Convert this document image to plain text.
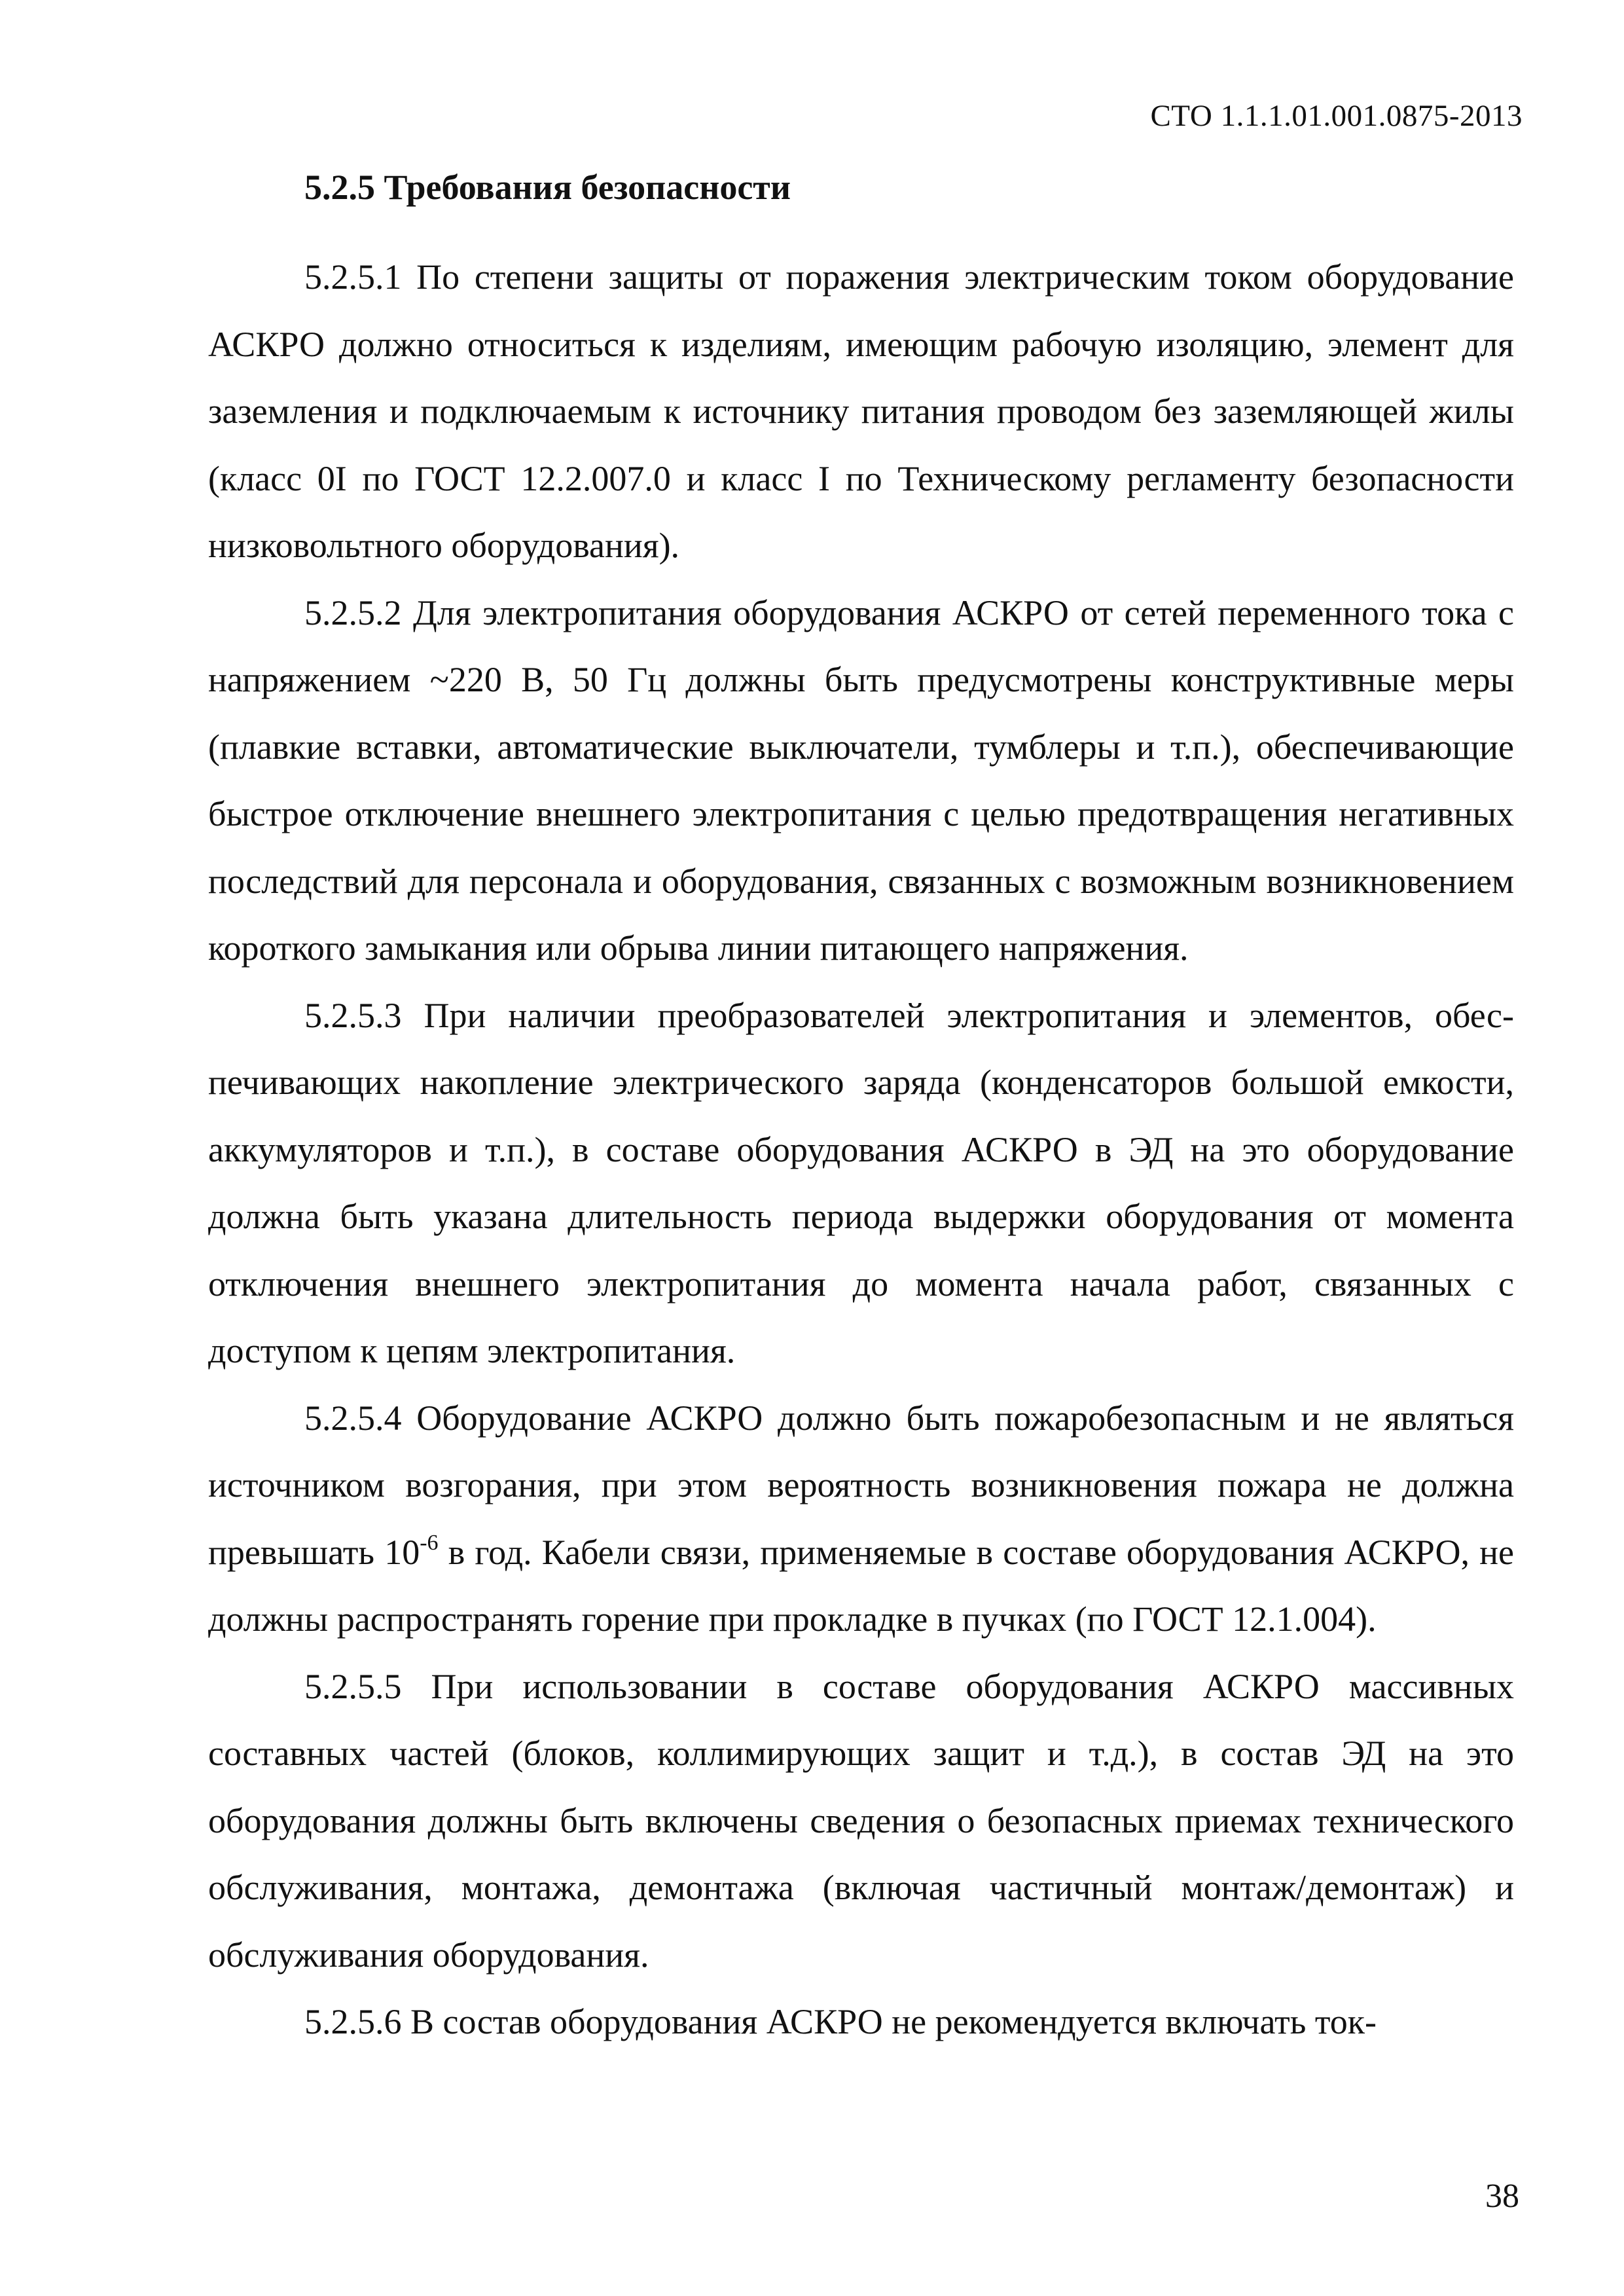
СТО 1.1.1.01.001.0875-2013
5.2.5 Требования безопасности

5.2.5.1 По степени защиты от поражения электрическим током оборудование АСКРО должно относиться к изделиям, имеющим рабочую изоляцию, элемент для заземления и подключаемым к источнику питания проводом без заземляющей жилы (класс 0I по ГОСТ 12.2.007.0 и класс I по Техническому регламенту безопасности низковольтного оборудования).

5.2.5.2 Для электропитания оборудования АСКРО от сетей переменного тока с напряжением ~220 В, 50 Гц должны быть предусмотрены конструктивные меры (плавкие вставки, автоматические выключатели, тумблеры и т.п.), обеспечивающие быстрое отключение внешнего электропитания с целью предотвращения негативных последствий для персонала и оборудования, связанных с возможным возникновением короткого замыкания или обрыва линии питающего напряжения.

5.2.5.3 При наличии преобразователей электропитания и элементов, обеспечивающих накопление электрического заряда (конденсаторов большой емкости, аккумуляторов и т.п.), в составе оборудования АСКРО в ЭД на это оборудование должна быть указана длительность периода выдержки оборудования от момента отключения внешнего электропитания до момента начала работ, связанных с доступом к цепям электропитания.

5.2.5.4 Оборудование АСКРО должно быть пожаробезопасным и не являться источником возгорания, при этом вероятность возникновения пожара не должна превышать $10^{-6}$ в год. Кабели связи, применяемые в составе оборудования АСКРО, не должны распространять горение при прокладке в пучках (по ГОСТ 12.1.004).

5.2.5.5 При использовании в составе оборудования АСКРО массивных составных частей (блоков, коллимирующих защит и т.д.), в состав ЭД на это оборудования должны быть включены сведения о безопасных приемах технического обслуживания, монтажа, демонтажа (включая частичный монтаж/демонтаж) и обслуживания оборудования.

5.2.5.6 В состав оборудования АСКРО не рекомендуется включать ток-

38
